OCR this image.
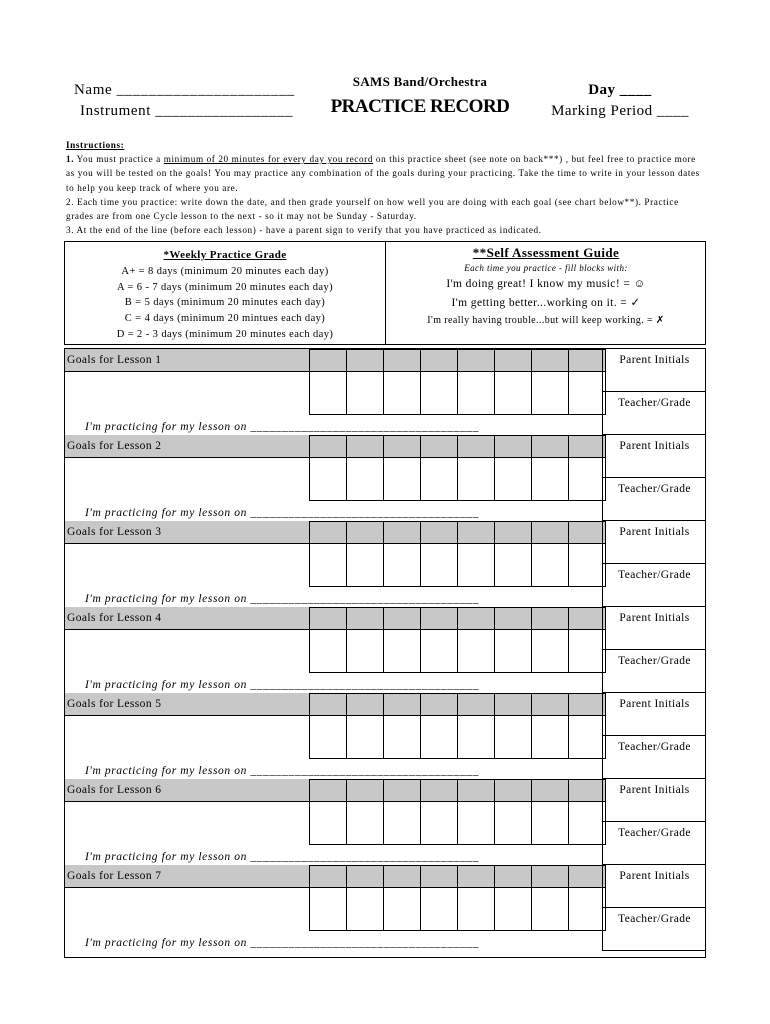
Name ______________________
Instrument _________________
SAMS Band/Orchestra
PRACTICE RECORD
Day ____
Marking Period ____
Instructions:
1. You must practice a minimum of 20 minutes for every day you record on this practice sheet (see note on back***) , but feel free to practice more as you will be tested on the goals! You may practice any combination of the goals during your practicing. Take the time to write in your lesson dates to help you keep track of where you are.
2. Each time you practice: write down the date, and then grade yourself on how well you are doing with each goal (see chart below**). Practice grades are from one Cycle lesson to the next - so it may not be Sunday - Saturday.
3. At the end of the line (before each lesson) - have a parent sign to verify that you have practiced as indicated.
*Weekly Practice Grade
A+ = 8 days (minimum 20 minutes each day)
A = 6 - 7 days (minimum 20 minutes each day)
B = 5 days (minimum 20 minutes each day)
C = 4 days (minimum 20 mintues each day)
D = 2 - 3 days (minimum 20 minutes each day)
**Self Assessment Guide
Each time you practice - fill blocks with:
I'm doing great! I know my music! = ☺
I'm getting better...working on it. = ✓
I'm really having trouble...but will keep working. = ✗
Goals for Lesson 1	Parent Initials
Teacher/Grade
I'm practicing for my lesson on ____________________________________
Goals for Lesson 2	Parent Initials
Teacher/Grade
I'm practicing for my lesson on ____________________________________
Goals for Lesson 3	Parent Initials
Teacher/Grade
I'm practicing for my lesson on ____________________________________
Goals for Lesson 4	Parent Initials
Teacher/Grade
I'm practicing for my lesson on ____________________________________
Goals for Lesson 5	Parent Initials
Teacher/Grade
I'm practicing for my lesson on ____________________________________
Goals for Lesson 6	Parent Initials
Teacher/Grade
I'm practicing for my lesson on ____________________________________
Goals for Lesson 7	Parent Initials
Teacher/Grade
I'm practicing for my lesson on ____________________________________
